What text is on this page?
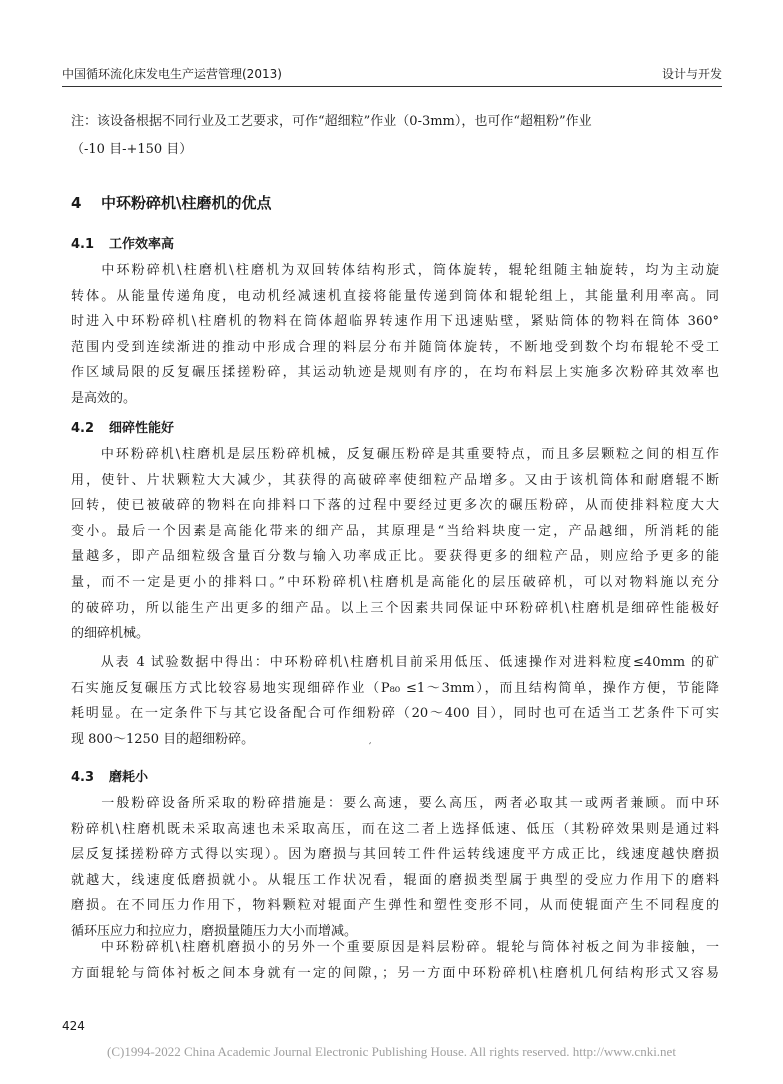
中国循环流化床发电生产运营管理(2013)	设计与开发

注：该设备根据不同行业及工艺要求，可作“超细粒”作业（0-3mm），也可作“超粗粉”作业

（-10 目-+150 目）

4 中环粉碎机\柱磨机的优点
4.1 工作效率高
　　中环粉碎机\柱磨机\柱磨机为双回转体结构形式，筒体旋转，辊轮组随主轴旋转，均为主动旋
转体。从能量传递角度，电动机经减速机直接将能量传递到筒体和辊轮组上，其能量利用率高。同
时进入中环粉碎机\柱磨机的物料在筒体超临界转速作用下迅速贴壁，紧贴筒体的物料在筒体 360°
范围内受到连续渐进的推动中形成合理的料层分布并随筒体旋转，不断地受到数个均布辊轮不受工
作区域局限的反复碾压揉搓粉碎，其运动轨迹是规则有序的，在均布料层上实施多次粉碎其效率也
是高效的。
4.2 细碎性能好
　　中环粉碎机\柱磨机是层压粉碎机械，反复碾压粉碎是其重要特点，而且多层颗粒之间的相互作
用，使针、片状颗粒大大减少，其获得的高破碎率使细粒产品增多。又由于该机筒体和耐磨辊不断
回转，使已被破碎的物料在向排料口下落的过程中要经过更多次的碾压粉碎，从而使排料粒度大大
变小。最后一个因素是高能化带来的细产品，其原理是“当给料块度一定，产品越细，所消耗的能
量越多，即产品细粒级含量百分数与输入功率成正比。要获得更多的细粒产品，则应给予更多的能
量，而不一定是更小的排料口。”中环粉碎机\柱磨机是高能化的层压破碎机，可以对物料施以充分
的破碎功，所以能生产出更多的细产品。以上三个因素共同保证中环粉碎机\柱磨机是细碎性能极好
的细碎机械。
　　从表 4 试验数据中得出：中环粉碎机\柱磨机目前采用低压、低速操作对进料粒度≤40mm 的矿
石实施反复碾压方式比较容易地实现细碎作业（P₈₀ ≤1～3mm），而且结构简单，操作方便，节能降
耗明显。在一定条件下与其它设备配合可作细粉碎（20～400 目），同时也可在适当工艺条件下可实
现 800～1250 目的超细粉碎。
′
4.3 磨耗小
　　一般粉碎设备所采取的粉碎措施是：要么高速，要么高压，两者必取其一或两者兼顾。而中环
粉碎机\柱磨机既未采取高速也未采取高压，而在这二者上选择低速、低压（其粉碎效果则是通过料
层反复揉搓粉碎方式得以实现）。因为磨损与其回转工件件运转线速度平方成正比，线速度越快磨损
就越大，线速度低磨损就小。从辊压工作状况看，辊面的磨损类型属于典型的受应力作用下的磨料
磨损。在不同压力作用下，物料颗粒对辊面产生弹性和塑性变形不同，从而使辊面产生不同程度的
循环压应力和拉应力，磨损量随压力大小而增减。
　　中环粉碎机\柱磨机磨损小的另外一个重要原因是料层粉碎。辊轮与筒体衬板之间为非接触，一
方面辊轮与筒体衬板之间本身就有一定的间隙，；另一方面中环粉碎机\柱磨机几何结构形式又容易
424
(C)1994-2022 China Academic Journal Electronic Publishing House. All rights reserved. http://www.cnki.net
